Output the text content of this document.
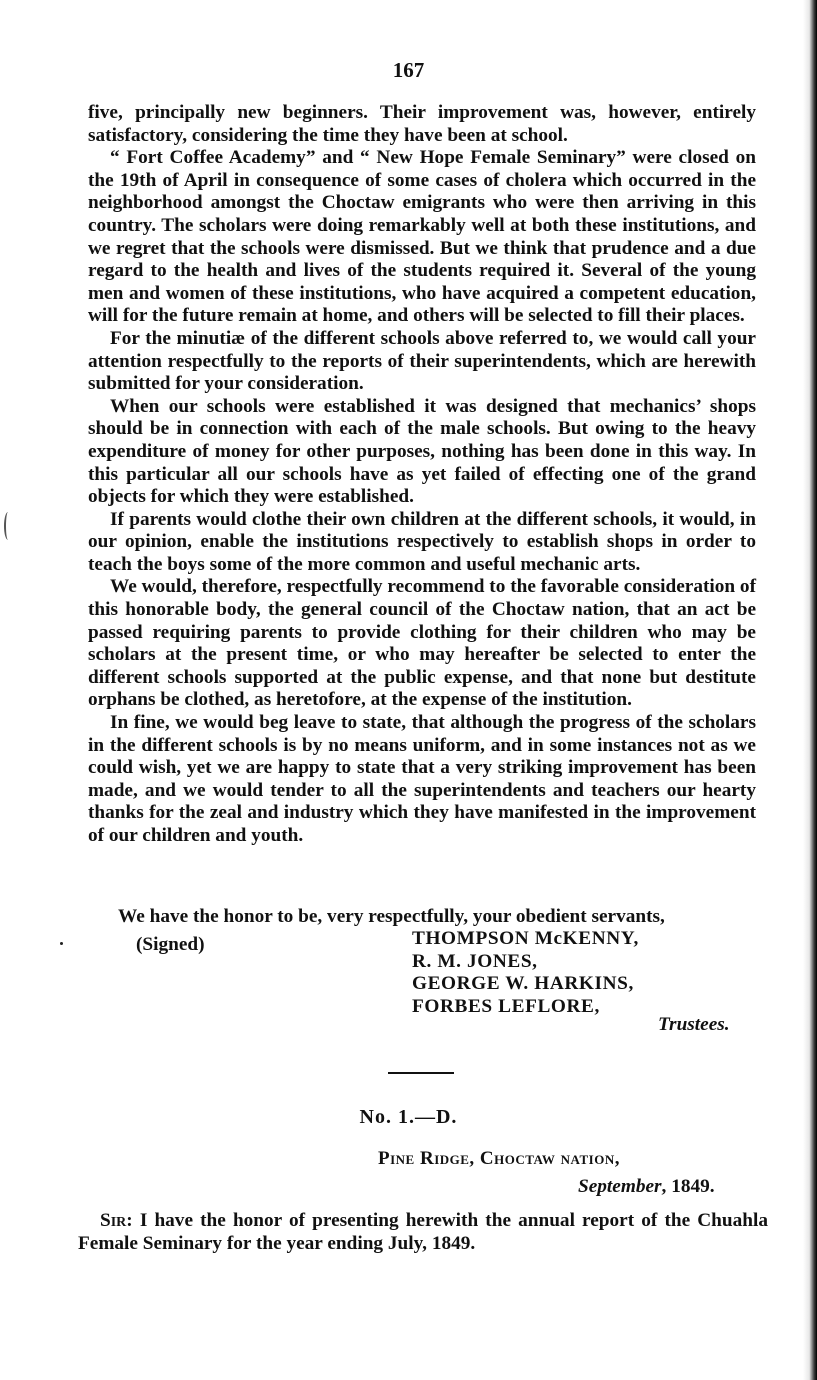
167

five, principally new beginners. Their improvement was, however, entirely satisfactory, considering the time they have been at school.

“ Fort Coffee Academy” and “ New Hope Female Seminary” were closed on the 19th of April in consequence of some cases of cholera which occurred in the neighborhood amongst the Choctaw emigrants who were then arriving in this country. The scholars were doing remarkably well at both these institutions, and we regret that the schools were dismissed. But we think that prudence and a due regard to the health and lives of the students required it. Several of the young men and women of these institutions, who have acquired a competent education, will for the future remain at home, and others will be selected to fill their places.

For the minutiæ of the different schools above referred to, we would call your attention respectfully to the reports of their superintendents, which are herewith submitted for your consideration.

When our schools were established it was designed that mechanics’ shops should be in connection with each of the male schools. But owing to the heavy expenditure of money for other purposes, nothing has been done in this way. In this particular all our schools have as yet failed of effecting one of the grand objects for which they were established.

If parents would clothe their own children at the different schools, it would, in our opinion, enable the institutions respectively to establish shops in order to teach the boys some of the more common and useful mechanic arts.

We would, therefore, respectfully recommend to the favorable consideration of this honorable body, the general council of the Choctaw nation, that an act be passed requiring parents to provide clothing for their children who may be scholars at the present time, or who may hereafter be selected to enter the different schools supported at the public expense, and that none but destitute orphans be clothed, as heretofore, at the expense of the institution.

In fine, we would beg leave to state, that although the progress of the scholars in the different schools is by no means uniform, and in some instances not as we could wish, yet we are happy to state that a very striking improvement has been made, and we would tender to all the superintendents and teachers our hearty thanks for the zeal and industry which they have manifested in the improvement of our children and youth.

We have the honor to be, very respectfully, your obedient servants,
(Signed)	THOMPSON McKENNY,
R. M. JONES,
GEORGE W. HARKINS,
FORBES LEFLORE,
Trustees.
No. 1.—D.
Pine Ridge, Choctaw nation,
September, 1849.
Sir: I have the honor of presenting herewith the annual report of the Chuahla Female Seminary for the year ending July, 1849.
